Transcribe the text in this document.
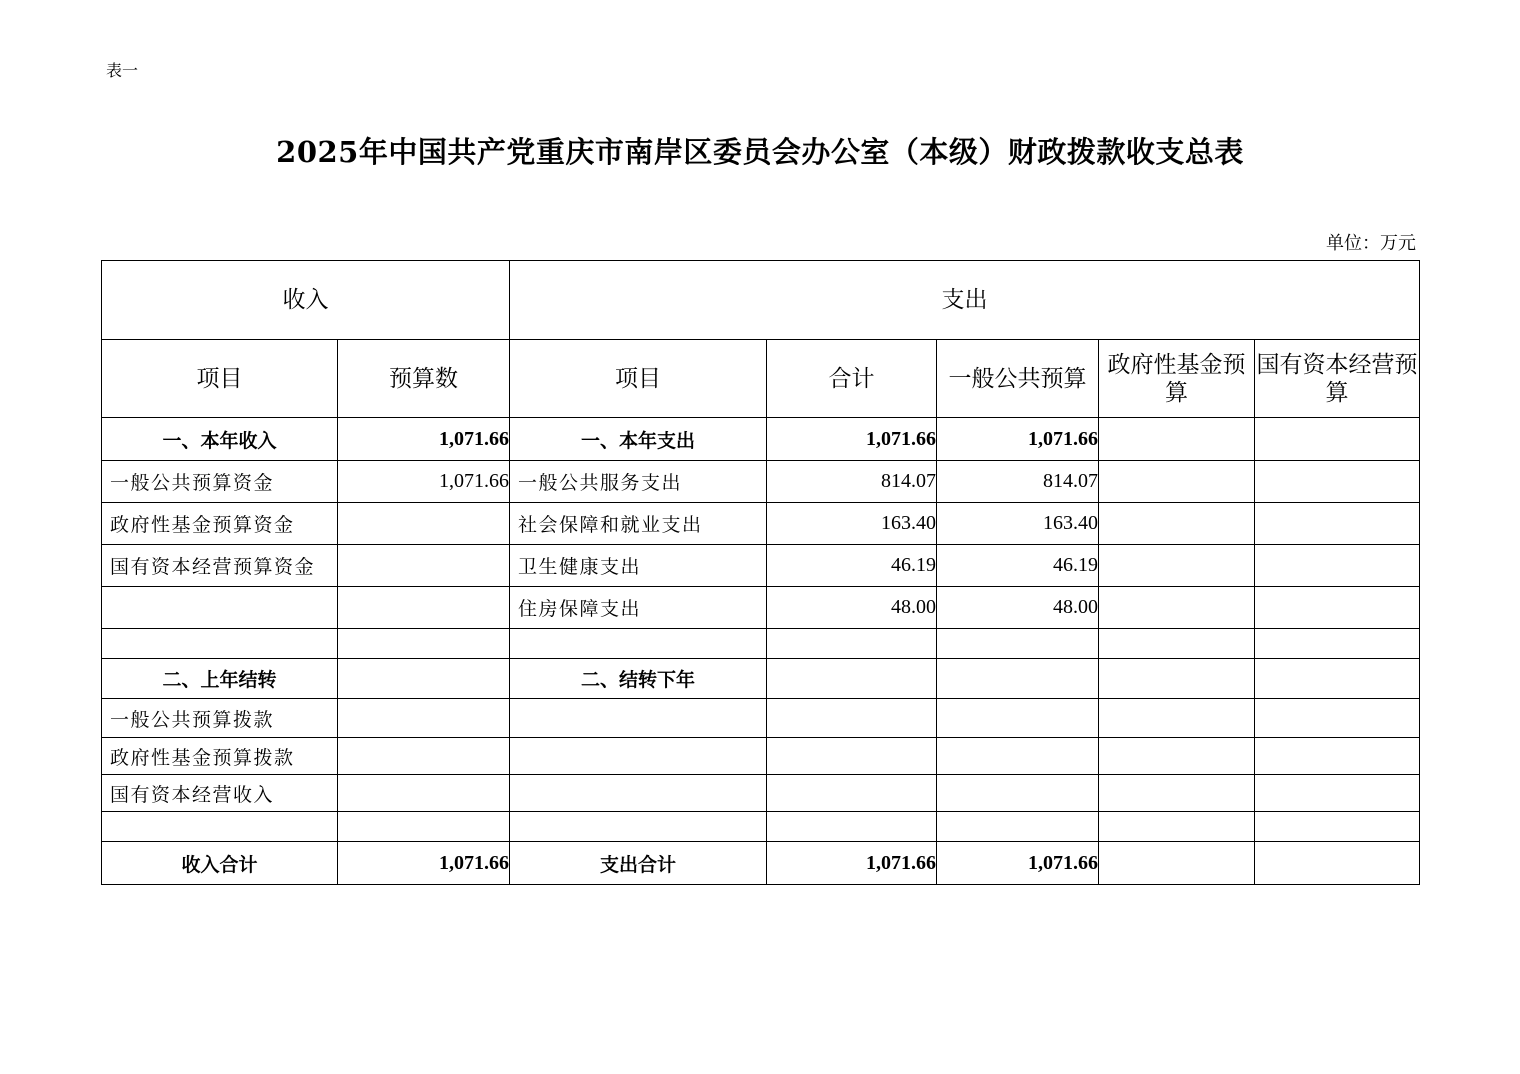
表一
2025年中国共产党重庆市南岸区委员会办公室（本级）财政拨款收支总表
单位：万元
收入		支出				
项目	预算数	项目	合计	一般公共预算	政府性基金预算	国有资本经营预算
一、本年收入	1,071.66	一、本年支出	1,071.66	1,071.66		
一般公共预算资金	1,071.66	一般公共服务支出	814.07	814.07		
政府性基金预算资金		社会保障和就业支出	163.40	163.40		
国有资本经营预算资金		卫生健康支出	46.19	46.19		
		住房保障支出	48.00	48.00		

二、上年结转		二、结转下年				
一般公共预算拨款						
政府性基金预算拨款						
国有资本经营收入						

收入合计	1,071.66	支出合计	1,071.66	1,071.66		
